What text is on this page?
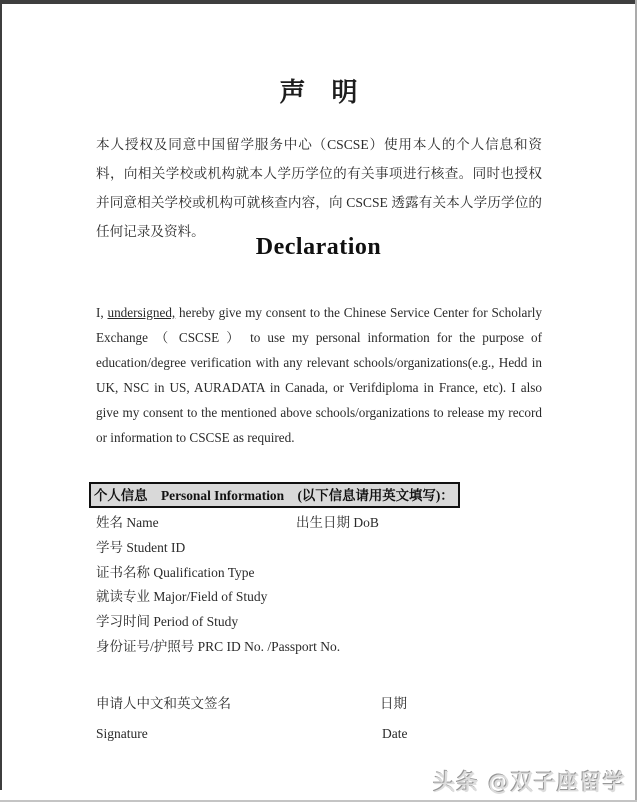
声　明
本人授权及同意中国留学服务中心（CSCSE）使用本人的个人信息和资料，向相关学校或机构就本人学历学位的有关事项进行核查。同时也授权并同意相关学校或机构可就核查内容，向 CSCSE 透露有关本人学历学位的任何记录及资料。
Declaration
I, undersigned, hereby give my consent to the Chinese Service Center for Scholarly Exchange （ CSCSE ） to use my personal information for the purpose of education/degree verification with any relevant schools/organizations(e.g., Hedd in UK, NSC in US, AURADATA in Canada, or Verifdiploma in France, etc). I also give my consent to the mentioned above schools/organizations to release my record or information to CSCSE as required.
个人信息　Personal Information　(以下信息请用英文填写)：
姓名 Name	出生日期 DoB
学号 Student ID
证书名称 Qualification Type
就读专业 Major/Field of Study
学习时间 Period of Study
身份证号/护照号 PRC ID No. /Passport No.
申请人中文和英文签名	日期
Signature	Date
头条 @双子座留学
